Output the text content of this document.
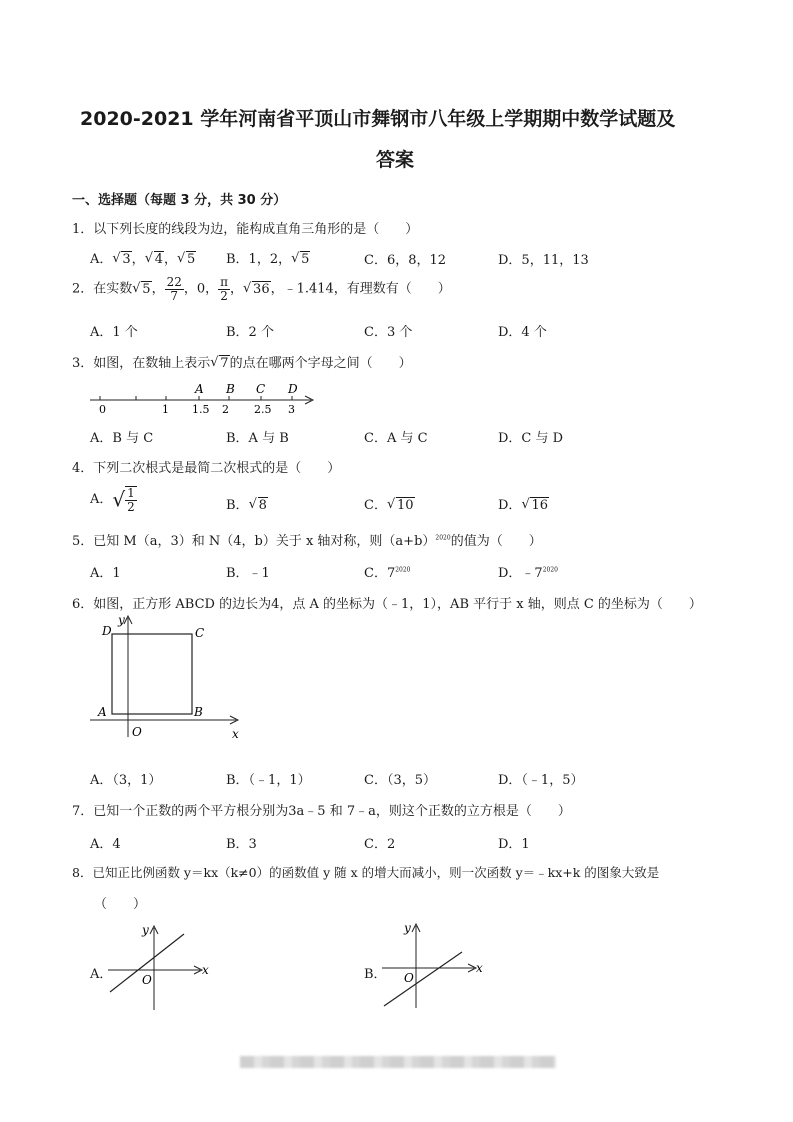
2020-2021 学年河南省平顶山市舞钢市八年级上学期期中数学试题及
答案
一、选择题（每题 3 分，共 30 分）
1．以下列长度的线段为边，能构成直角三角形的是（　　）
A． √ 3， √ 4， √ 5 B．1，2， √ 5	C．6，8，12	D．5，11，13
2．在实数 √ 5， $\frac{22}{7}$ ，0， $\frac{\pi}{2}$ ， √ 36，﹣1.414，有理数有（　　）
A．1 个	B．2 个	C．3 个	D．4 个
3．如图，在数轴上表示 √ 7的点在哪两个字母之间（　　）
0	1 1.5 2 2.5 3
A B C D
A．B 与 C	B．A 与 B	C．A 与 C	D．C 与 D
4．下列二次根式是最简二次根式的是（　　）
A．√ $\frac{1}{2}$	B． √ 8	C． √ 10	D． √ 16
5．已知 M（a，3）和 N（4，b）关于 x 轴对称，则$(a+b)^{2020}$的值为（　　）
A．1	B．﹣1	C．$7^{2020}$	D．$﹣7^{2020}$
6．如图，正方形 ABCD 的边长为4，点 A 的坐标为（﹣1，1），AB 平行于 x 轴，则点 C 的坐标为（　　）
D	C
A	B
O	x
y
A．（3，1）	B．（﹣1，1）	C．（3，5）	D．（﹣1，5）
7．已知一个正数的两个平方根分别为3a﹣5 和 7﹣a，则这个正数的立方根是（　　）
A．4	B．3	C．2	D．1
8．已知正比例函数 y＝kx（k≠0）的函数值 y 随 x 的增大而减小，则一次函数 y＝﹣kx+k 的图象大致是
（　　）
A． O
x
y
B． O
x
y
